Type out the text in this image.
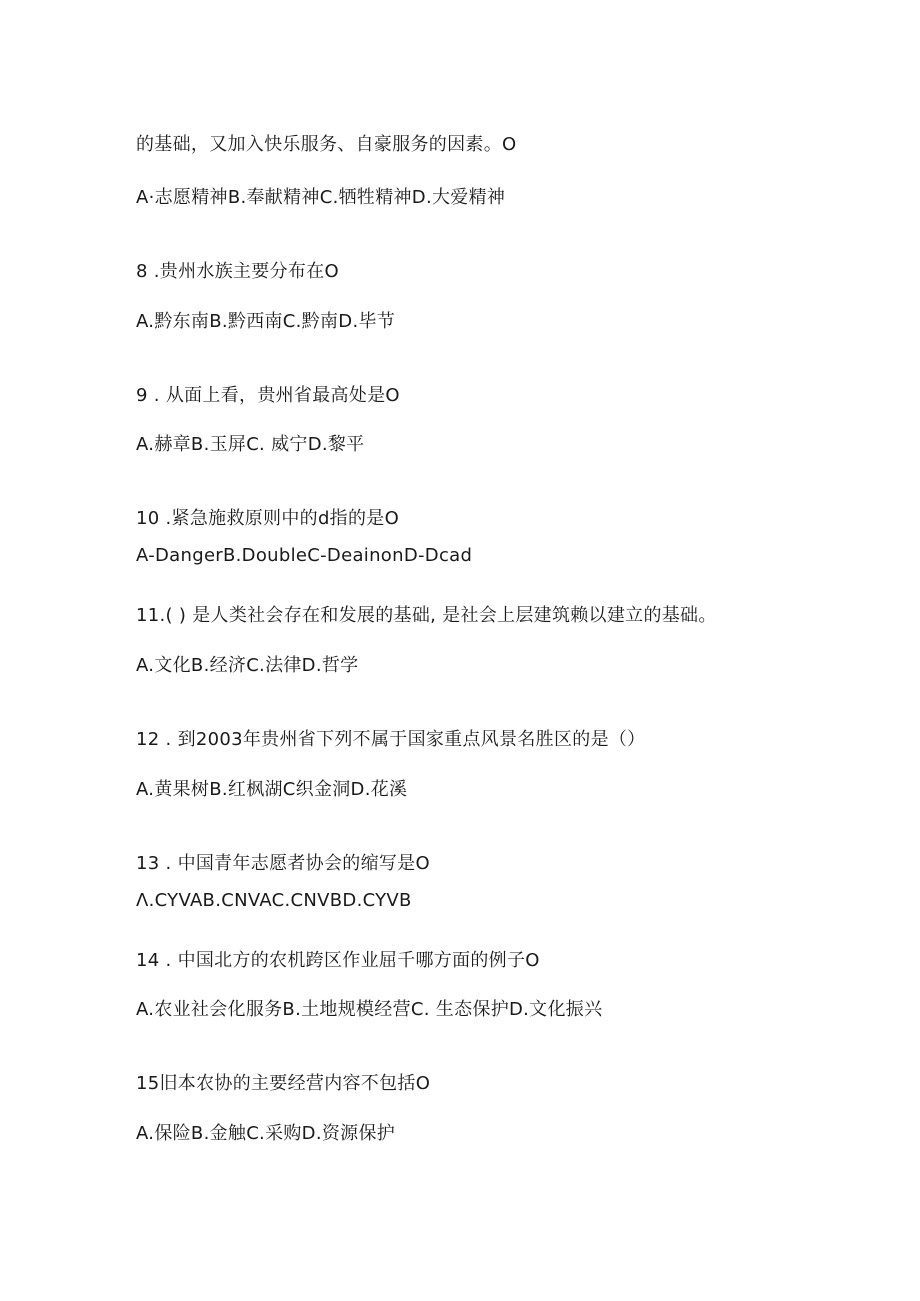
的基础，又加入快乐服务、自豪服务的因素。O
A·志愿精神B.奉献精神C.牺牲精神D.大爱精神
8 .贵州水族主要分布在O
A.黔东南B.黔西南C.黔南D.毕节
9 . 从面上看，贵州省最高处是O
A.赫章B.玉屏C. 威宁D.黎平
10 .紧急施救原则中的d指的是O
A-DangerB.DoubleC-DeainonD-Dcad
11.( ) 是人类社会存在和发展的基础, 是社会上层建筑赖以建立的基础。
A.文化B.经济C.法律D.哲学
12 . 到2003年贵州省下列不属于国家重点风景名胜区的是（）
A.黄果树B.红枫湖C织金洞D.花溪
13 . 中国青年志愿者协会的缩写是O
Λ.CYVAB.CNVAC.CNVBD.CYVB
14 . 中国北方的农机跨区作业屈千哪方面的例子O
A.农业社会化服务B.土地规模经营C. 生态保护D.文化振兴
15旧本农协的主要经营内容不包括O
A.保险B.金触C.采购D.资源保护
